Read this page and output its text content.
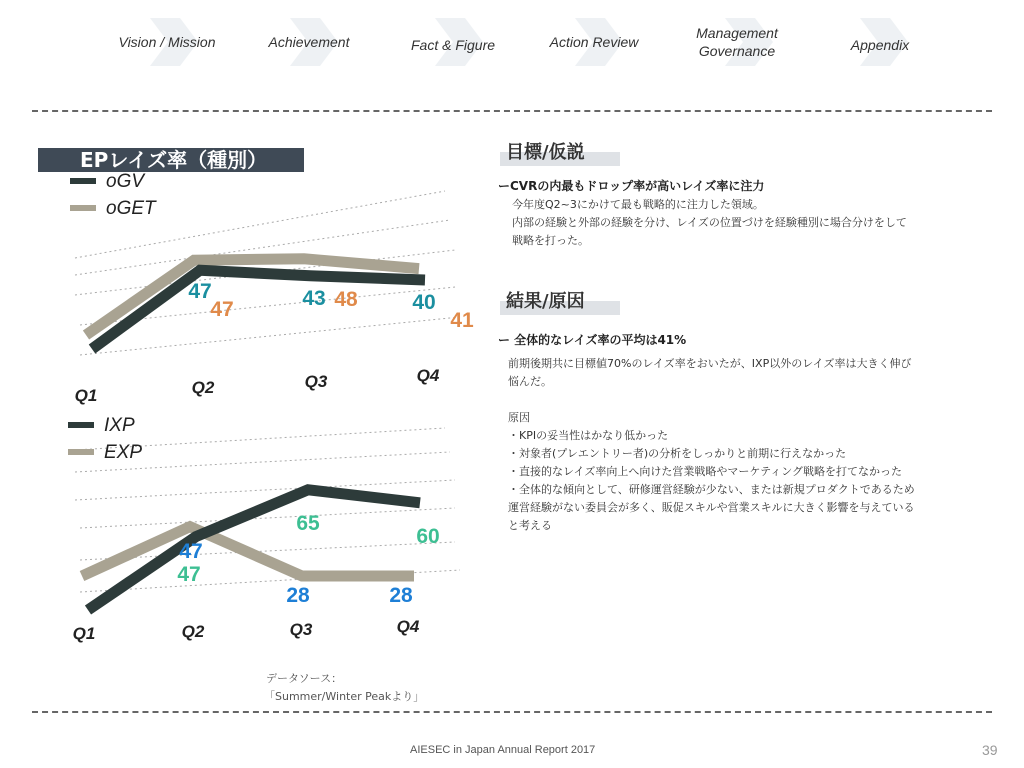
Vision / Mission	Achievement	Fact & Figure	Action Review
Management
Governance	Appendix
EPレイズ率（種別）
oGV
oGET
Q1	Q2	Q3	Q4
47
47	43 48	40
41
IXP
EXP
Q1	Q2	Q3	Q4
47
47
65
28
60
28
データソース：
「Summer/Winter Peakより」
目標/仮説
ーCVRの内最もドロップ率が高いレイズ率に注力
今年度Q2~3にかけて最も戦略的に注力した領域。
内部の経験と外部の経験を分け、レイズの位置づけを経験種別に場合分けをして
戦略を打った。
結果/原因
ー 全体的なレイズ率の平均は41%
前期後期共に目標値70%のレイズ率をおいたが、IXP以外のレイズ率は大きく伸び
悩んだ。

原因
・KPIの妥当性はかなり低かった
・対象者(プレエントリー者)の分析をしっかりと前期に行えなかった
・直接的なレイズ率向上へ向けた営業戦略やマーケティング戦略を打てなかった
・全体的な傾向として、研修運営経験が少ない、または新規プロダクトであるため
運営経験がない委員会が多く、販促スキルや営業スキルに大きく影響を与えている
と考える
AIESEC in Japan Annual Report 2017	39
